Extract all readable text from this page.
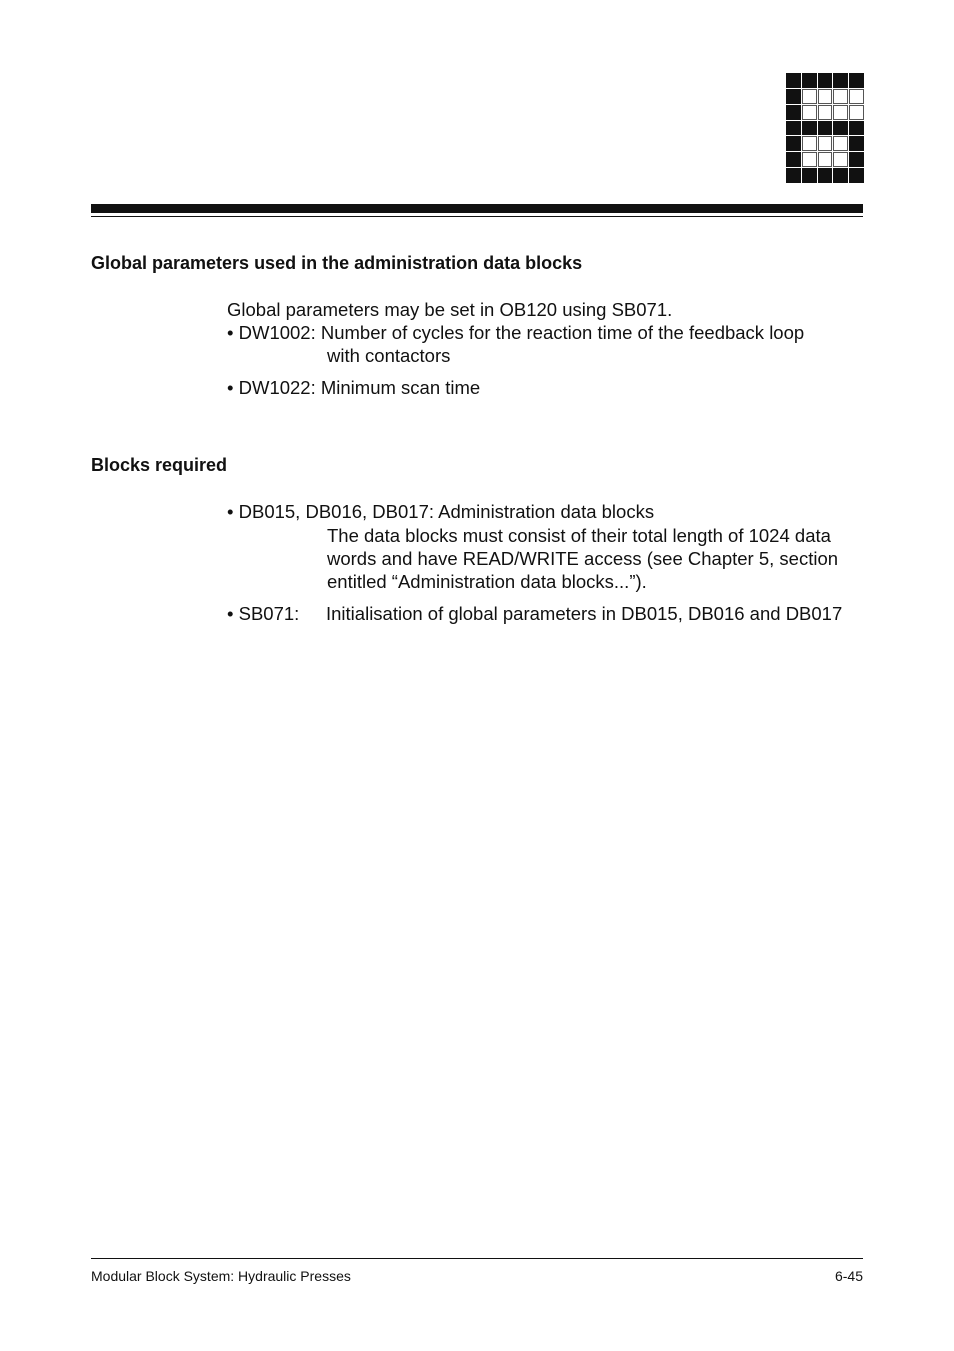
Global parameters used in the administration data blocks

Global parameters may be set in OB120 using SB071.

• DW1002: Number of cycles for the reaction time of the feedback loop

with contactors

• DW1022: Minimum scan time

Blocks required

• DB015, DB016, DB017: Administration data blocks

The data blocks must consist of their total length of 1024 data

words and have READ/WRITE access (see Chapter 5, section

entitled “Administration data blocks...”).

• SB071: Initialisation of global parameters in DB015, DB016 and DB017

Modular Block System: Hydraulic Presses	6-45
